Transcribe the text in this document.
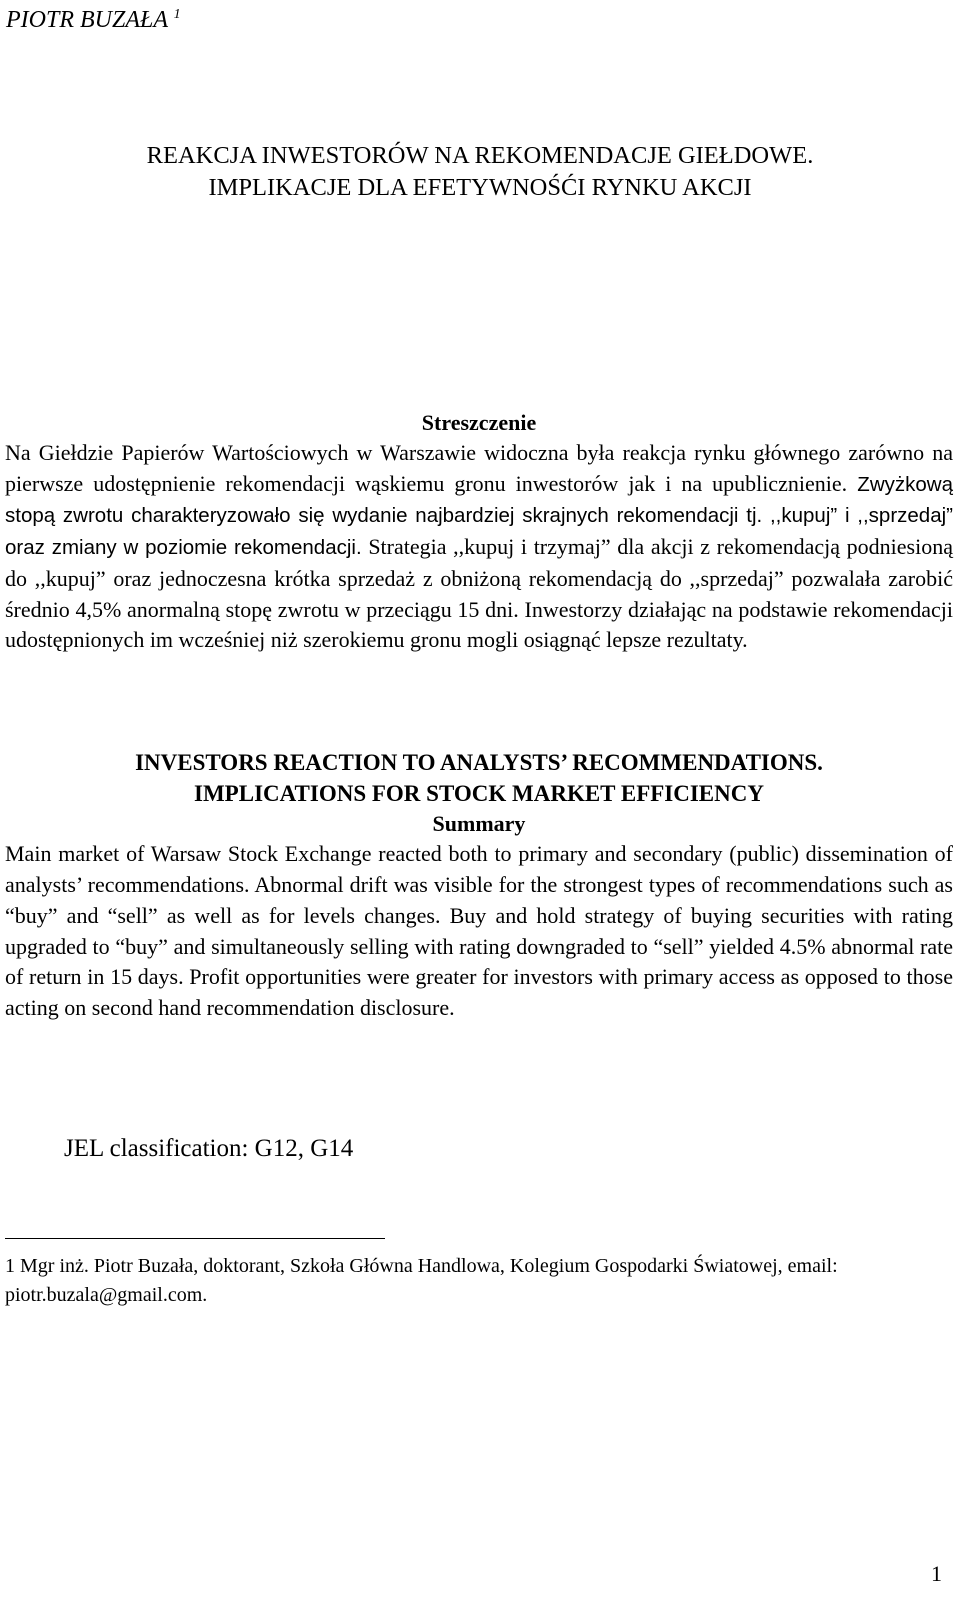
PIOTR BUZAŁA $^1$
REAKCJA INWESTORÓW NA REKOMENDACJE GIEŁDOWE.
IMPLIKACJE DLA EFETYWNOŚĆI RYNKU AKCJI
Streszczenie

Na Giełdzie Papierów Wartościowych w Warszawie widoczna była reakcja rynku głównego zarówno na pierwsze udostępnienie rekomendacji wąskiemu gronu inwestorów jak i na upublicznienie. Zwyżkową stopą zwrotu charakteryzowało się wydanie najbardziej skrajnych rekomendacji tj. ,,kupuj” i ,,sprzedaj” oraz zmiany w poziomie rekomendacji. Strategia ,,kupuj i trzymaj” dla akcji z rekomendacją podniesioną do ,,kupuj” oraz jednoczesna krótka sprzedaż z obniżoną rekomendacją do ,,sprzedaj” pozwalała zarobić średnio 4,5% anormalną stopę zwrotu w przeciągu 15 dni. Inwestorzy działając na podstawie rekomendacji udostępnionych im wcześniej niż szerokiemu gronu mogli osiągnąć lepsze rezultaty.

INVESTORS REACTION TO ANALYSTS’ RECOMMENDATIONS.
IMPLICATIONS FOR STOCK MARKET EFFICIENCY
Summary

Main market of Warsaw Stock Exchange reacted both to primary and secondary (public) dissemination of analysts’ recommendations. Abnormal drift was visible for the strongest types of recommendations such as “buy” and “sell” as well as for levels changes. Buy and hold strategy of buying securities with rating upgraded to “buy” and simultaneously selling with rating downgraded to “sell” yielded 4.5% abnormal rate of return in 15 days. Profit opportunities were greater for investors with primary access as opposed to those acting on second hand recommendation disclosure.

JEL classification: G12, G14
1 Mgr inż. Piotr Buzała, doktorant, Szkoła Główna Handlowa, Kolegium Gospodarki Światowej, email: piotr.buzala@gmail.com.
1
